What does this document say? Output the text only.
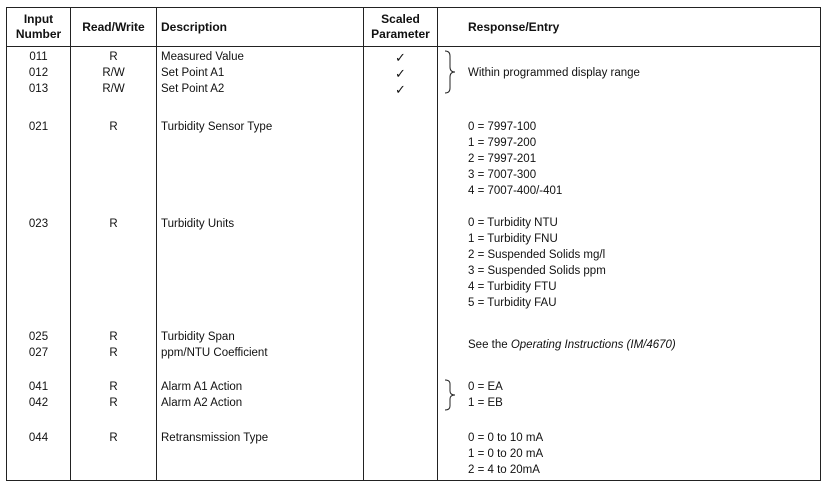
Input
Number
Read/Write Description
Scaled
Parameter
Response/Entry
011
012
013
021
023
025
027
041
042
044
R
R/W
R/W
R
R
R
R
R
R
R
Measured Value
Set Point A1
Set Point A2
Turbidity Sensor Type
Turbidity Units
Turbidity Span
ppm/NTU Coefficient
Alarm A1 Action
Alarm A2 Action
Retransmission Type
✓
✓
✓
Within programmed display range
0 = 7997-100
1 = 7997-200
2 = 7997-201
3 = 7007-300
4 = 7007-400/-401
0 = Turbidity NTU
1 = Turbidity FNU
2 = Suspended Solids mg/l
3 = Suspended Solids ppm
4 = Turbidity FTU
5 = Turbidity FAU
See the Operating Instructions (IM/4670)
0 = EA
1 = EB
0 = 0 to 10 mA
1 = 0 to 20 mA
2 = 4 to 20mA
